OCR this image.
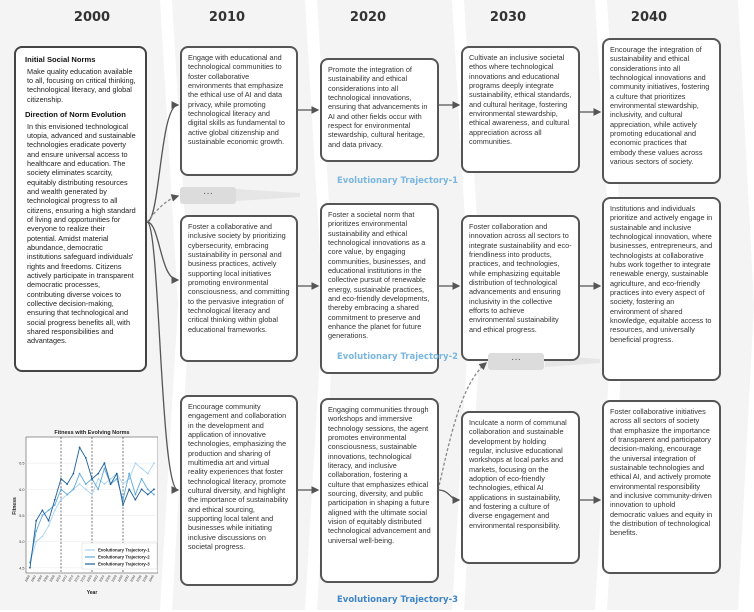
2000	2010	2020	2030	2040
Initial Social Norms
Make quality education available to all, focusing on critical thinking, technological literacy, and global citizenship.
Direction of Norm Evolution
In this envisioned technological utopia, advanced and sustainable technologies eradicate poverty and ensure universal access to healthcare and education. The society eliminates scarcity, equitably distributing resources and wealth generated by technological progress to all citizens, ensuring a high standard of living and opportunities for everyone to realize their potential. Amidst material abundance, democratic institutions safeguard individuals' rights and freedoms. Citizens actively participate in transparent democratic processes, contributing diverse voices to collective decision-making, ensuring that technological and social progress benefits all, with shared responsibilities and advantages.
Engage with educational and technological communities to foster collaborative environments that emphasize the ethical use of AI and data privacy, while promoting technological literacy and digital skills as fundamental to active global citizenship and sustainable economic growth.
Promote the integration of sustainability and ethical considerations into all technological innovations, ensuring that advancements in AI and other fields occur with respect for environmental stewardship, cultural heritage, and data privacy.
Cultivate an inclusive societal ethos where technological innovations and educational programs deeply integrate sustainability, ethical standards, and cultural heritage, fostering environmental stewardship, ethical awareness, and cultural appreciation across all communities.
Encourage the integration of sustainability and ethical considerations into all technological innovations and community initiatives, fostering a culture that prioritizes environmental stewardship, inclusivity, and cultural appreciation, while actively promoting educational and economic practices that embody these values across various sectors of society.
Evolutionary Trajectory-1
···
Foster a collaborative and inclusive society by prioritizing cybersecurity, embracing sustainability in personal and business practices, actively supporting local initiatives promoting environmental consciousness, and committing to the pervasive integration of technological literacy and critical thinking within global educational frameworks.
Foster a societal norm that prioritizes environmental sustainability and ethical technological innovations as a core value, by engaging communities, businesses, and educational institutions in the collective pursuit of renewable energy, sustainable practices, and eco-friendly developments, thereby embracing a shared commitment to preserve and enhance the planet for future generations.
Foster collaboration and innovation across all sectors to integrate sustainability and eco-friendliness into products, practices, and technologies, while emphasizing equitable distribution of technological advancements and ensuring inclusivity in the collective efforts to achieve environmental sustainability and ethical progress.
Institutions and individuals prioritize and actively engage in sustainable and inclusive technological innovation, where businesses, entrepreneurs, and technologists at collaborative hubs work together to integrate renewable energy, sustainable agriculture, and eco-friendly practices into every aspect of society, fostering an environment of shared knowledge, equitable access to resources, and universally beneficial progress.
Evolutionary Trajectory-2	···
Encourage community engagement and collaboration in the development and application of innovative technologies, emphasizing the production and sharing of multimedia art and virtual reality experiences that foster technological literacy, promote cultural diversity, and highlight the importance of sustainability and ethical sourcing, supporting local talent and businesses while initiating inclusive discussions on societal progress.
Engaging communities through workshops and immersive technology sessions, the agent promotes environmental consciousness, sustainable innovations, technological literacy, and inclusive collaboration, fostering a culture that emphasizes ethical sourcing, diversity, and public participation in shaping a future aligned with the ultimate social vision of equitably distributed technological advancement and universal well-being.
Inculcate a norm of communal collaboration and sustainable development by holding regular, inclusive educational workshops at local parks and markets, focusing on the adoption of eco-friendly technologies, ethical AI applications in sustainability, and fostering a culture of diverse engagement and environmental responsibility.
Foster collaborative initiatives across all sectors of society that emphasize the importance of transparent and participatory decision-making, encourage the universal integration of sustainable technologies and ethical AI, and actively promote environmental responsibility and inclusive community-driven innovation to uphold democratic values and equity in the distribution of technological benefits.
Evolutionary Trajectory-3
Fitness with Evolving Norms
Fitness
Year
4.5
5.0
5.5
6.0
6.5
2000 2002 2004 2006 2008 2010 2012 2014 2016 2018 2020 2022 2024 2026 2028 2030 2032 2034 2036 2038 2040
Evolutionary Trajectory-1
Evolutionary Trajectory-2
Evolutionary Trajectory-3
